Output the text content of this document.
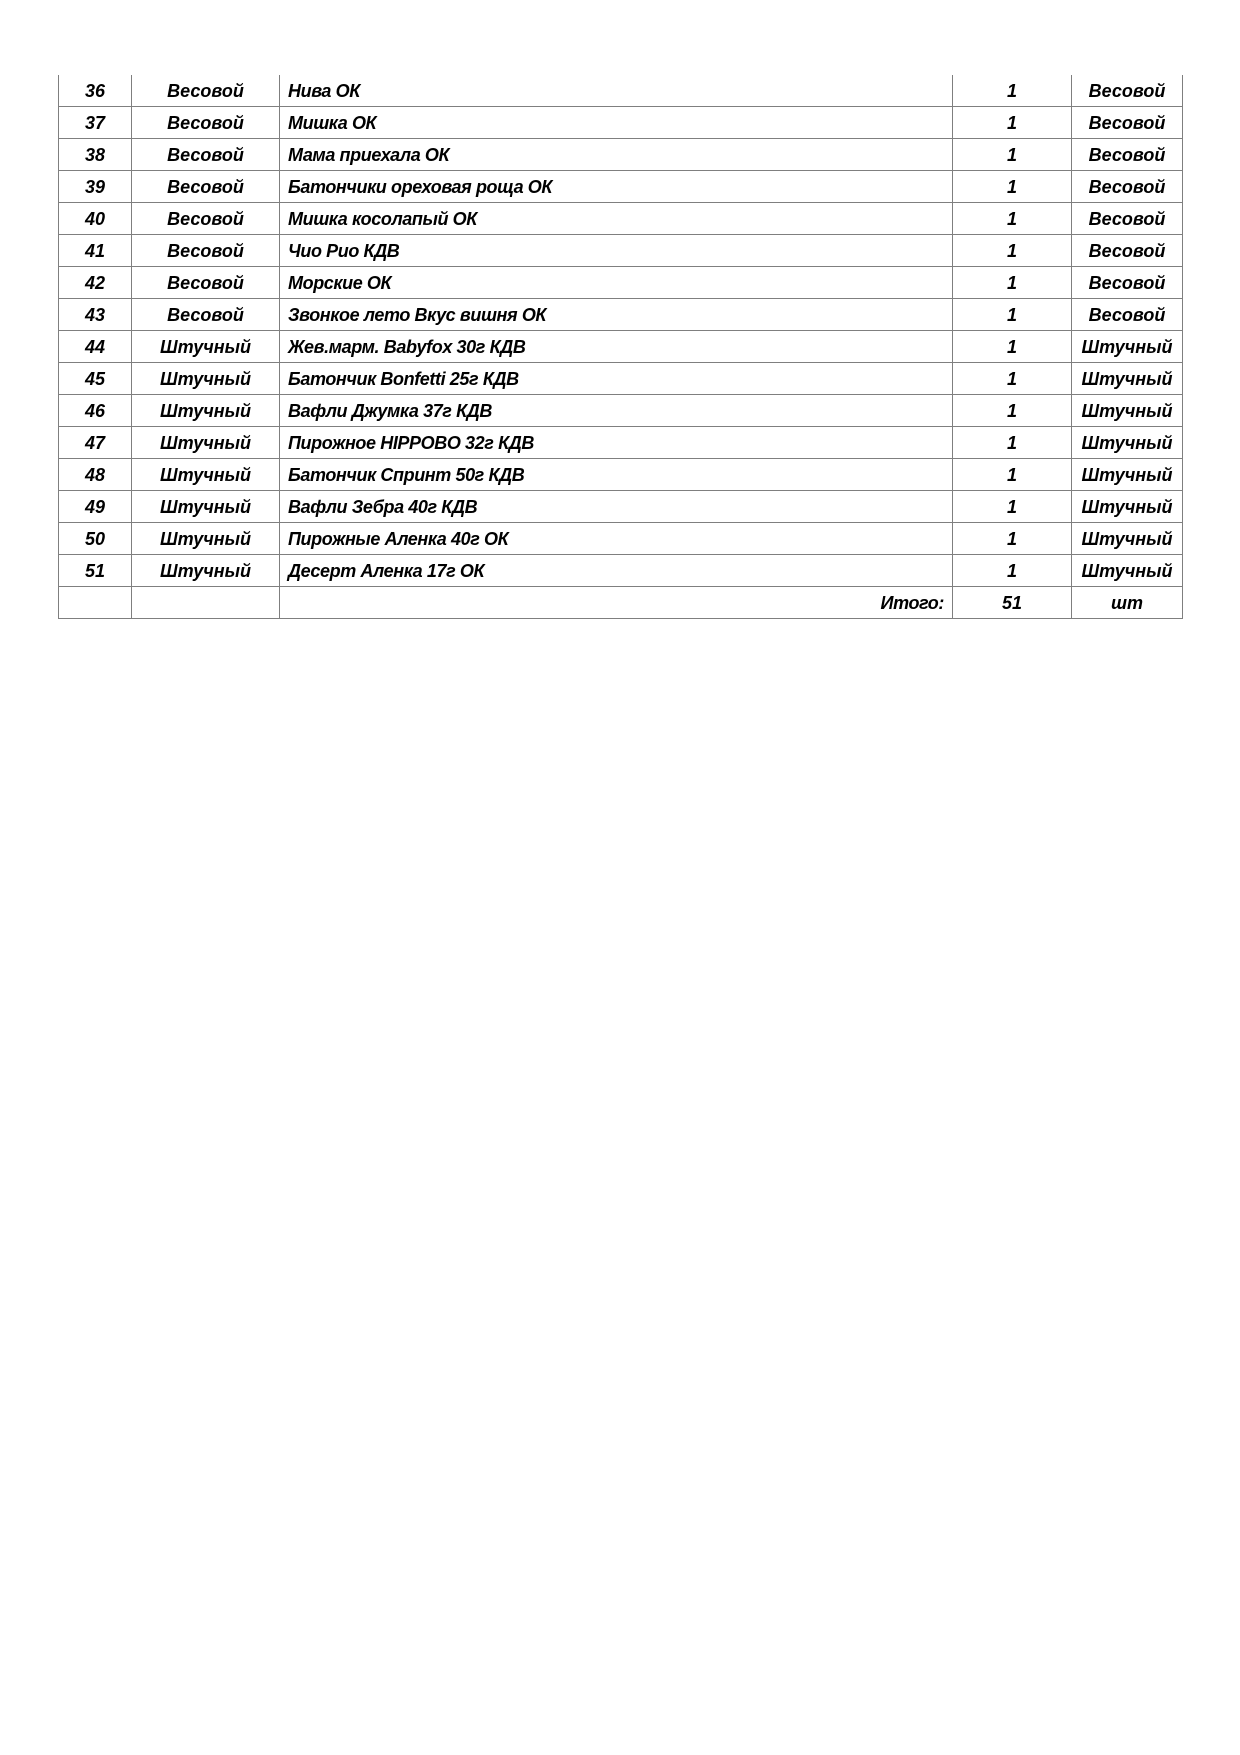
36	Весовой	Нива ОК	1	Весовой
37	Весовой	Мишка ОК	1	Весовой
38	Весовой	Мама приехала ОК	1	Весовой
39	Весовой	Батончики ореховая роща ОК	1	Весовой
40	Весовой	Мишка косолапый ОК	1	Весовой
41	Весовой	Чио Рио КДВ	1	Весовой
42	Весовой	Морские ОК	1	Весовой
43	Весовой	Звонкое лето Вкус вишня ОК	1	Весовой
44	Штучный	Жев.марм. Babyfox 30г КДВ	1	Штучный
45	Штучный	Батончик Bonfetti 25г КДВ	1	Штучный
46	Штучный	Вафли Джумка 37г КДВ	1	Штучный
47	Штучный	Пирожное HIPPOBO 32г КДВ	1	Штучный
48	Штучный	Батончик Спринт 50г КДВ	1	Штучный
49	Штучный	Вафли Зебра 40г КДВ	1	Штучный
50	Штучный	Пирожные Аленка 40г ОК	1	Штучный
51	Штучный	Десерт Аленка 17г ОК	1	Штучный
		Итого:	51	шт
